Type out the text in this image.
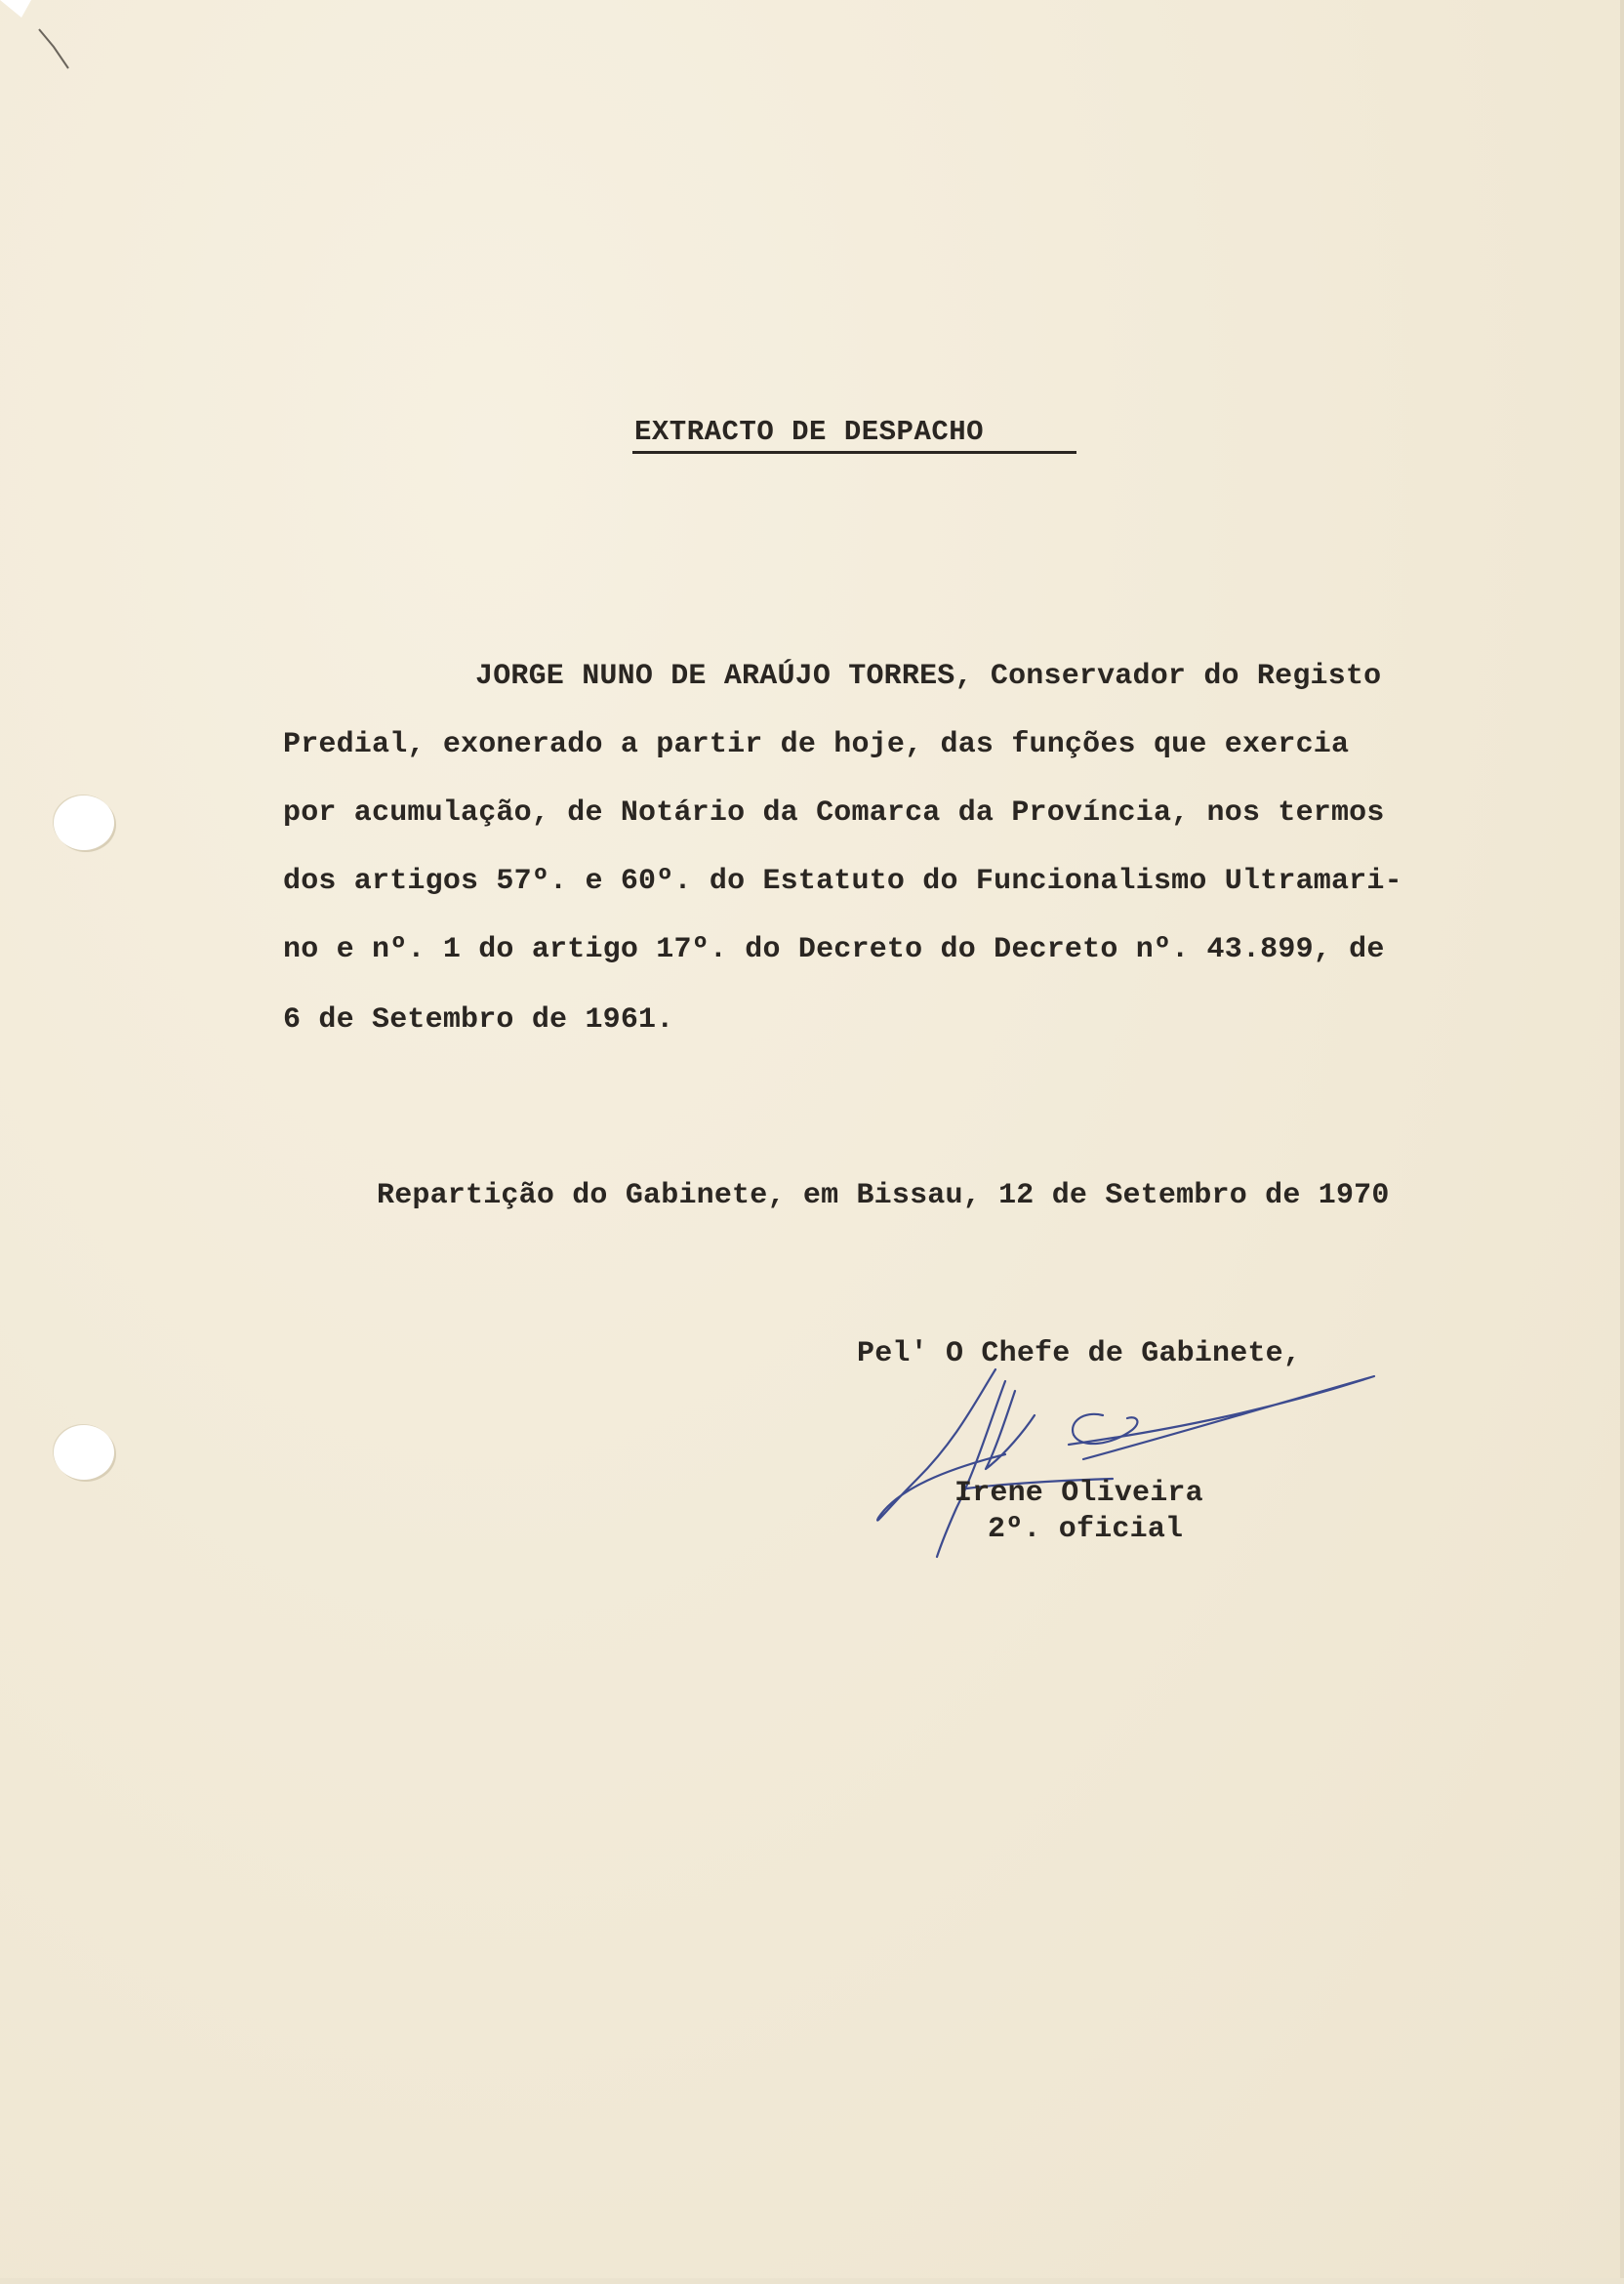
EXTRACTO DE DESPACHO
JORGE NUNO DE ARAÚJO TORRES, Conservador do Registo
Predial, exonerado a partir de hoje, das funções que exercia
por acumulação, de Notário da Comarca da Província, nos termos
dos artigos 57º. e 60º. do Estatuto do Funcionalismo Ultramari-
no e nº. 1 do artigo 17º. do Decreto do Decreto nº. 43.899, de
6 de Setembro de 1961.
Repartição do Gabinete, em Bissau, 12 de Setembro de 1970
Pel' O Chefe de Gabinete,
Irene Oliveira
2º. oficial
